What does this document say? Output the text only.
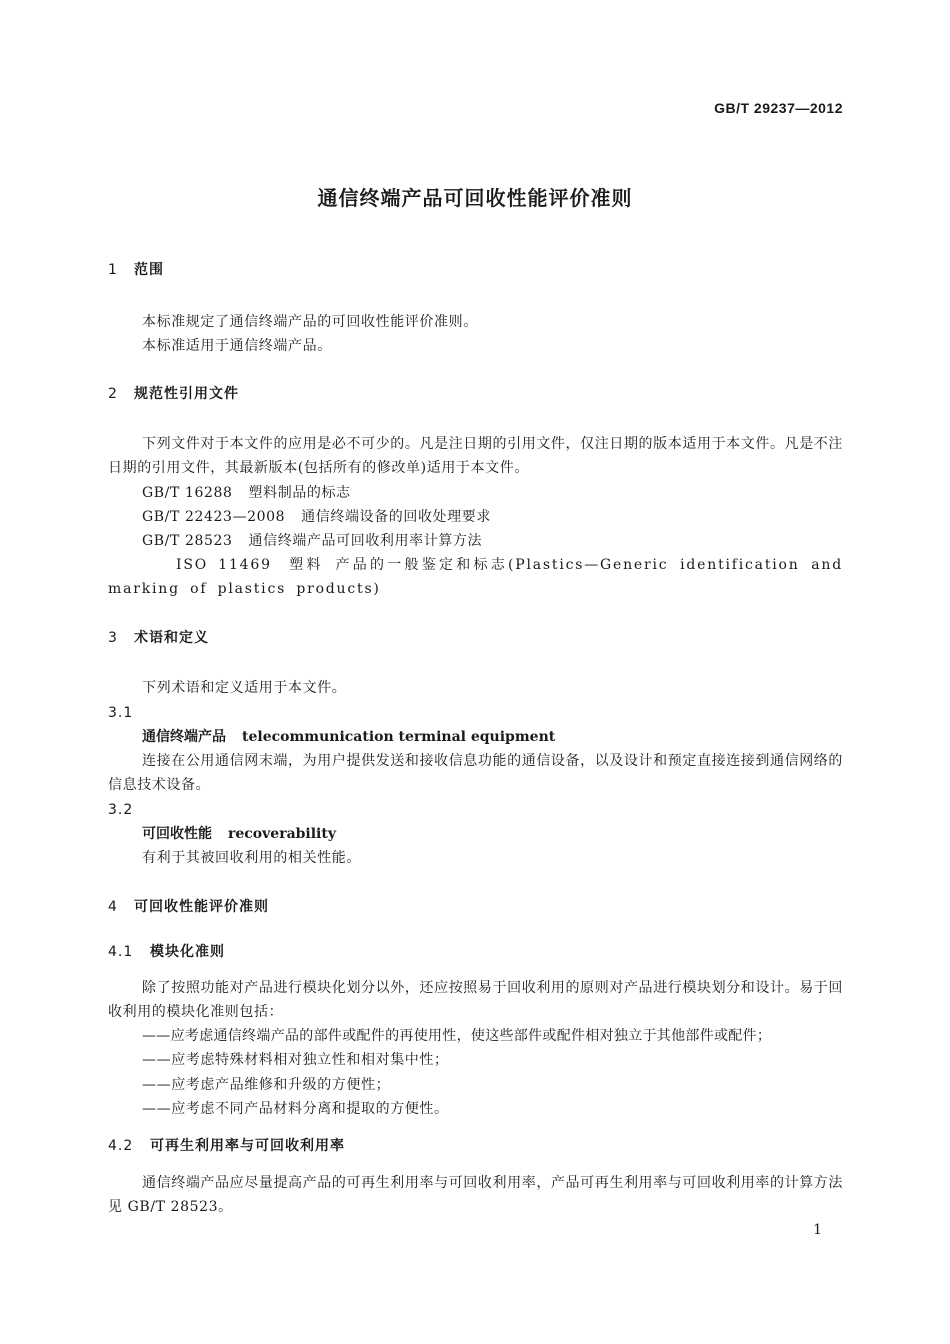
GB/T 29237—2012
通信终端产品可回收性能评价准则
1 范围

本标准规定了通信终端产品的可回收性能评价准则。

本标准适用于通信终端产品。

2 规范性引用文件

下列文件对于本文件的应用是必不可少的。凡是注日期的引用文件，仅注日期的版本适用于本文件。凡是不注日期的引用文件，其最新版本(包括所有的修改单)适用于本文件。

GB/T 16288 塑料制品的标志

GB/T 22423—2008 通信终端设备的回收处理要求

GB/T 28523 通信终端产品可回收利用率计算方法

ISO 11469 塑料 产品的一般鉴定和标志(Plastics—Generic identification and marking of plastics products)

3 术语和定义

下列术语和定义适用于本文件。

3.1
通信终端产品 telecommunication terminal equipment

连接在公用通信网末端，为用户提供发送和接收信息功能的通信设备，以及设计和预定直接连接到通信网络的信息技术设备。

3.2
可回收性能 recoverability

有利于其被回收利用的相关性能。

4 可回收性能评价准则
4.1 模块化准则

除了按照功能对产品进行模块化划分以外，还应按照易于回收利用的原则对产品进行模块划分和设计。易于回收利用的模块化准则包括：

——应考虑通信终端产品的部件或配件的再使用性，使这些部件或配件相对独立于其他部件或配件；

——应考虑特殊材料相对独立性和相对集中性；

——应考虑产品维修和升级的方便性；

——应考虑不同产品材料分离和提取的方便性。

4.2 可再生利用率与可回收利用率

通信终端产品应尽量提高产品的可再生利用率与可回收利用率，产品可再生利用率与可回收利用率的计算方法见 GB/T 28523。

1
